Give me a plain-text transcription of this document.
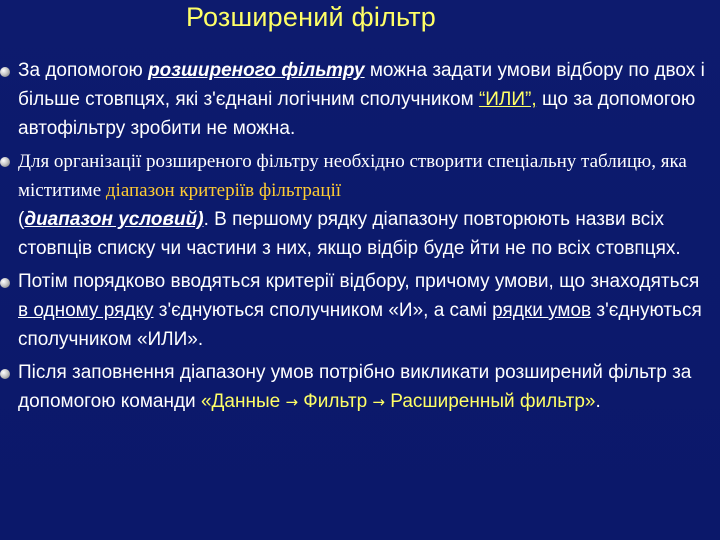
Розширений фільтр
За допомогою розширеного фільтру можна задати умови відбору по двох і більше стовпцях, які з'єднані логічним сполучником “ИЛИ”, що за допомогою автофільтру зробити не можна.
Для організації розширеного фільтру необхідно створити спеціальну таблицю, яка міститиме діапазон критеріїв фільтрації
(диапазон условий). В першому рядку діапазону повторюють назви всіх стовпців списку чи частини з них, якщо відбір буде йти не по всіх стовпцях.
Потім порядково вводяться критерії відбору, причому умови, що знаходяться в одному рядку з'єднуються сполучником «И», а самі рядки умов з'єднуються сполучником «ИЛИ».
Після заповнення діапазону умов потрібно викликати розширений фільтр за допомогою команди «Данные → Фильтр → Расширенный фильтр».
